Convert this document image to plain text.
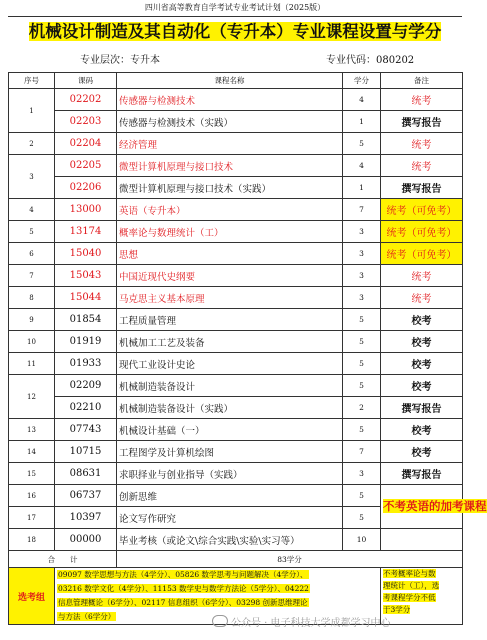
四川省高等教育自学考试专业考试计划（2025版）
机械设计制造及其自动化（专升本）专业课程设置与学分
专业层次：专升本	专业代码：080202
序号	课码	课程名称	学分	备注
1	02202	传感器与检测技术	4	统考
	02203	传感器与检测技术（实践）	1	撰写报告
2	02204	经济管理	5	统考
3	02205	微型计算机原理与接口技术	4	统考
	02206	微型计算机原理与接口技术（实践）	1	撰写报告
4	13000	英语（专升本）	7	统考（可免考）
5	13174	概率论与数理统计（工）	3	统考（可免考）
6	15040	思想	3	统考（可免考）
7	15043	中国近现代史纲要	3	统考
8	15044	马克思主义基本原理	3	统考
9	01854	工程质量管理	5	校考
10	01919	机械加工工艺及装备	5	校考
11	01933	现代工业设计史论	5	校考
12	02209	机械制造装备设计	5	校考
	02210	机械制造装备设计（实践）	2	撰写报告
13	07743	机械设计基础（一）	5	校考
14	10715	工程图学及计算机绘图	7	校考
15	08631	求职择业与创业指导（实践）	3	撰写报告
16	06737	创新思维	5	不考英语的加考课程
17	10397	论文写作研究	5	
18	00000	毕业考核（或论文\综合实践\实验\实习等）	10	
合　　计		83学分		
选考组	09097 数学思想与方法（4学分）、05826 数学思考与问题解决（4学分）、
03216 数学文化（4学分）、11153 数学史与数学方法论（5学分）、04222
信息管理概论（6学分）、02117 信息组织（6学分）、03298 创新思维理论
与方法（6学分）			不考概率论与数
理统计（工），选
考课程学分不低
于3学分
公众号 · 电子科技大学成都学习中心
